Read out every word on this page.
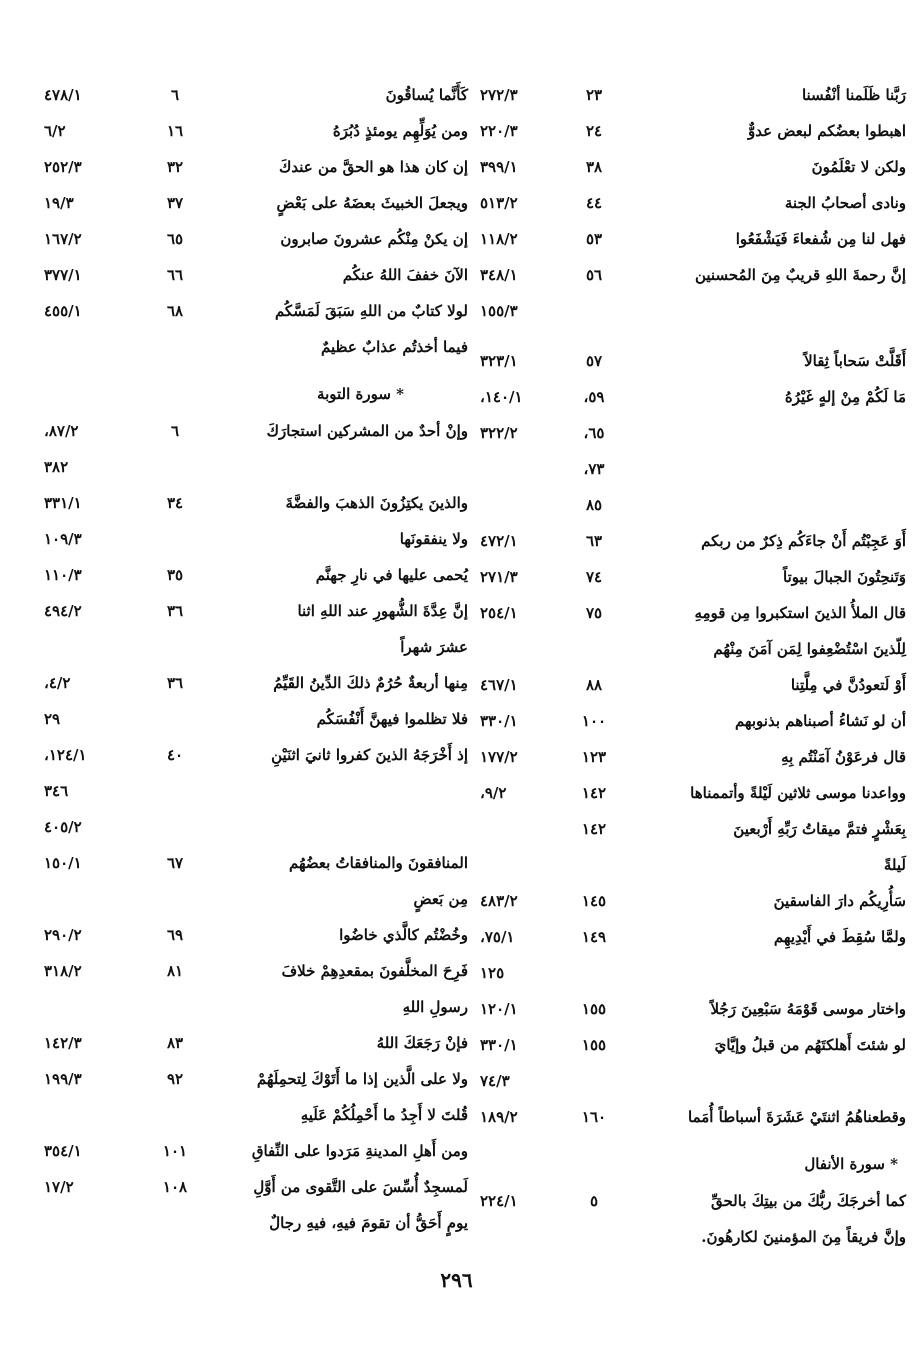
رَبَّنا ظَلَمنا أنْفُسنا
٢٣
٢٧٢/٣
اهبطوا بعضُكم لبعض عدوٌّ
٢٤
٢٢٠/٣
ولكن لا تعْلَمُونَ
٣٨
٣٩٩/١
ونادى أصحابُ الجنة
٤٤
٥١٣/٢
فهل لنا مِن شُفعاءَ فَيَشْفَعُوا
٥٣
١١٨/٢
إنَّ رحمةَ اللهِ قريبٌ مِنَ المُحسنين
٥٦
٣٤٨/١
١٥٥/٣
أَقَلَّتْ سَحاباً ثِقالاً
٥٧
٣٢٣/١
مَا لَكُمْ مِنْ إلهٍ غَيْرُهُ
٥٩،
١٤٠/١،
٦٥،
٣٢٢/٢
٧٣،
٨٥
أَوَ عَجِبْتُم أَنْ جاءَكُم ذِكرٌ من ربكم
٦٣
٤٧٢/١
وَتَنحِتُونَ الجبالَ بيوتاً
٧٤
٢٧١/٣
قال الملأُ الذينَ استكبروا مِن قومِهِ
٧٥
٢٥٤/١
لِلّذينَ اسْتُضْعِفوا لِمَن آمَنَ مِنْهُم
أَوْ لَتعودُنَّ في مِلَّتِنا
٨٨
٤٦٧/١
أن لو نَشاءُ أصبناهم بذنوبهم
١٠٠
٣٣٠/١
قال فرعَوْنُ آمَنْتُم بِهِ
١٢٣
١٧٧/٢
وواعدنا موسى ثلاثين لَيْلةً وأتممناها
١٤٢
٩/٢،
بِعَشْرٍ فتمَّ ميقاتُ رَبِّهِ أَرْبعينَ
١٤٢
لَيلةً
سَأُرِيكُم دارَ الفاسقينَ
١٤٥
٤٨٣/٢
ولمَّا سُقِطَ في أَيْدِيهِم
١٤٩
٧٥/١،
١٢٥
واختار موسى قَوْمَهُ سَبْعِينَ رَجُلاً
١٥٥
١٢٠/١
لو شئتَ أَهلكتَهُم من قبلُ وإيَّايَ
١٥٥
٣٣٠/١
٧٤/٣
وقطعناهُمُ اثنتَيْ عَشَرَةَ أسباطاً أُمَما
١٦٠
١٨٩/٢
* سورة الأنفال
كما أخرجَكَ ربُّكَ من بيتِكَ بالحقِّ
٥
٢٢٤/١
وإنَّ فريقاً مِنَ المؤمنينَ لكارهُونَ.
كَأَنَّما يُساقُونَ
٦
٤٧٨/١
ومن يُوَلِّهِم يومئذٍ دُبُرَهُ
١٦
٦/٢
إن كان هذا هو الحقَّ من عندكَ
٣٢
٢٥٢/٣
ويجعلَ الخبيثَ بعضَهُ على بَعْضٍ
٣٧
١٩/٣
إن يكنْ مِنْكُم عشرونَ صابرون
٦٥
١٦٧/٢
الآنَ خففَ اللهُ عنكُم
٦٦
٣٧٧/١
لولا كتابٌ من اللهِ سَبَقَ لَمَسَّكُم
٦٨
٤٥٥/١
فيما أخذتُم عذابٌ عظيمٌ
* سورة التوبة
وإنْ أحدٌ من المشركين استجارَكَ
٦
٨٧/٢،
٣٨٢
والذينَ يكتِزُونَ الذهبَ والفضَّةَ
٣٤
٣٣١/١
ولا ينفقونَها
١٠٩/٣
يُحمى عليها في نارِ جهنَّم
٣٥
١١٠/٣
إنَّ عِدَّةَ الشُّهورِ عند اللهِ اثنا
٣٦
٤٩٤/٢
عشرَ شهراً
مِنها أربعةٌ حُرُمٌ ذلكَ الدِّينُ القَيِّمُ
٣٦
٤/٢،
فلا تظلموا فيهنَّ أَنْفُسَكُم
٢٩
إذ أَخْرَجَهُ الذينَ كفروا ثانيَ اثنَيْنِ
٤٠
١٢٤/١،
٣٤٦
٤٠٥/٢
المنافقونَ والمنافقاتُ بعضُهُم
٦٧
١٥٠/١
مِن بَعضٍ
وخُضْتُم كالَّذي خاضُوا
٦٩
٢٩٠/٢
فَرِحَ المخلَّفونَ بمقعدِهِمْ خلافَ
٨١
٣١٨/٢
رسولِ اللهِ
فإنْ رَجَعَكَ اللهُ
٨٣
١٤٢/٣
ولا على الَّذين إذا ما أَتَوْكَ لِتحمِلَهُمْ
٩٢
١٩٩/٣
قُلتَ لا أَجِدُ ما أَحْمِلُكُمْ عَلَيهِ
ومن أَهلِ المدينةِ مَرَدوا على النِّفاقِ
١٠١
٣٥٤/١
لَمسجِدٌ أُسِّسَ على التَّقوى من أَوَّلِ
١٠٨
١٧/٢
يومٍ أَحَقُّ أن تقومَ فيهِ، فيهِ رجالٌ
٢٩٦
